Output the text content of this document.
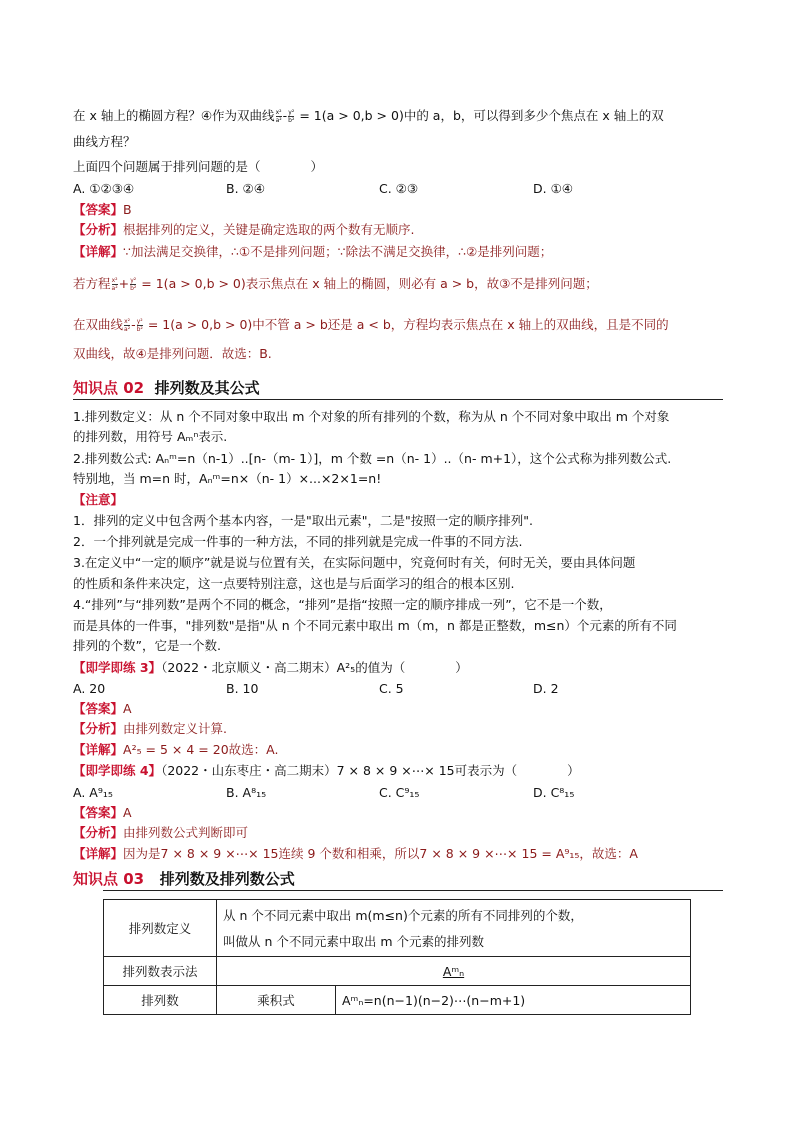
在 x 轴上的椭圆方程？④作为双曲线 $\frac{\text{x²}}{\text{a²}} - \frac{\text{y²}}{\text{b²}} = 1(a > 0,b > 0)$中的 a，b，可以得到多少个焦点在 x 轴上的双
曲线方程？
上面四个问题属于排列问题的是（　　　　）
A. ①②③④	B. ②④	C. ②③	D. ①④
【答案】B
【分析】根据排列的定义，关键是确定选取的两个数有无顺序.
【详解】∵加法满足交换律，∴①不是排列问题；∵除法不满足交换律，∴②是排列问题；
若方程 $\frac{\text{x²}}{\text{a²}} + \frac{\text{y²}}{\text{b²}} = 1(a > 0,b > 0)$表示焦点在 x 轴上的椭圆，则必有 a > b，故③不是排列问题；
在双曲线 $\frac{\text{x²}}{\text{a²}} - \frac{\text{y²}}{\text{b²}} = 1(a > 0,b > 0)$中不管 a > b还是 a < b，方程均表示焦点在 x 轴上的双曲线，且是不同的
双曲线，故④是排列问题．故选：B.
知识点 02 排列数及其公式
1.排列数定义：从 n 个不同对象中取出 m 个对象的所有排列的个数，称为从 n 个不同对象中取出 m 个对象
的排列数，用符号 Aₘⁿ表示.
2.排列数公式: Aₙᵐ=n（n-1）..[n-（m- 1）]，m 个数 =n（n- 1）..（n- m+1），这个公式称为排列数公式.
特别地，当 m=n 时，Aₙᵐ=n×（n- 1）×...×2×1=n!
【注意】
1．排列的定义中包含两个基本内容，一是"取出元素"，二是"按照一定的顺序排列".
2．一个排列就是完成一件事的一种方法，不同的排列就是完成一件事的不同方法.
3.在定义中“一定的顺序”就是说与位置有关，在实际问题中，究竟何时有关，何时无关，要由具体问题
的性质和条件来决定，这一点要特别注意，这也是与后面学习的组合的根本区别.
4.“排列”与“排列数”是两个不同的概念，“排列”是指“按照一定的顺序排成一列”，它不是一个数，
而是具体的一件事，"排列数"是指"从 n 个不同元素中取出 m（m，n 都是正整数，m≤n）个元素的所有不同
排列的个数”，它是一个数.
【即学即练 3】（2022・北京顺义・高二期末）A²₅的值为（　　　　）
A. 20	B. 10	C. 5	D. 2
【答案】A
【分析】由排列数定义计算.
【详解】A²₅ = 5 × 4 = 20故选：A.
【即学即练 4】（2022・山东枣庄・高二期末）7 × 8 × 9 ×⋯× 15可表示为（　　　　）
A. A⁹₁₅	B. A⁸₁₅	C. C⁹₁₅	D. C⁸₁₅
【答案】A
【分析】由排列数公式判断即可
【详解】因为是7 × 8 × 9 ×⋯× 15连续 9 个数和相乘，所以7 × 8 × 9 ×⋯× 15 = A⁹₁₅，故选：A
知识点 03 排列数及排列数公式
排列数定义	从 n 个不同元素中取出 m(m≤n)个元素的所有不同排列的个数，
叫做从 n 个不同元素中取出 m 个元素的排列数	

排列数表示法	Aᵐₙ	
排列数	乘积式	Aᵐₙ=n(n−1)(n−2)⋯(n−m+1)
